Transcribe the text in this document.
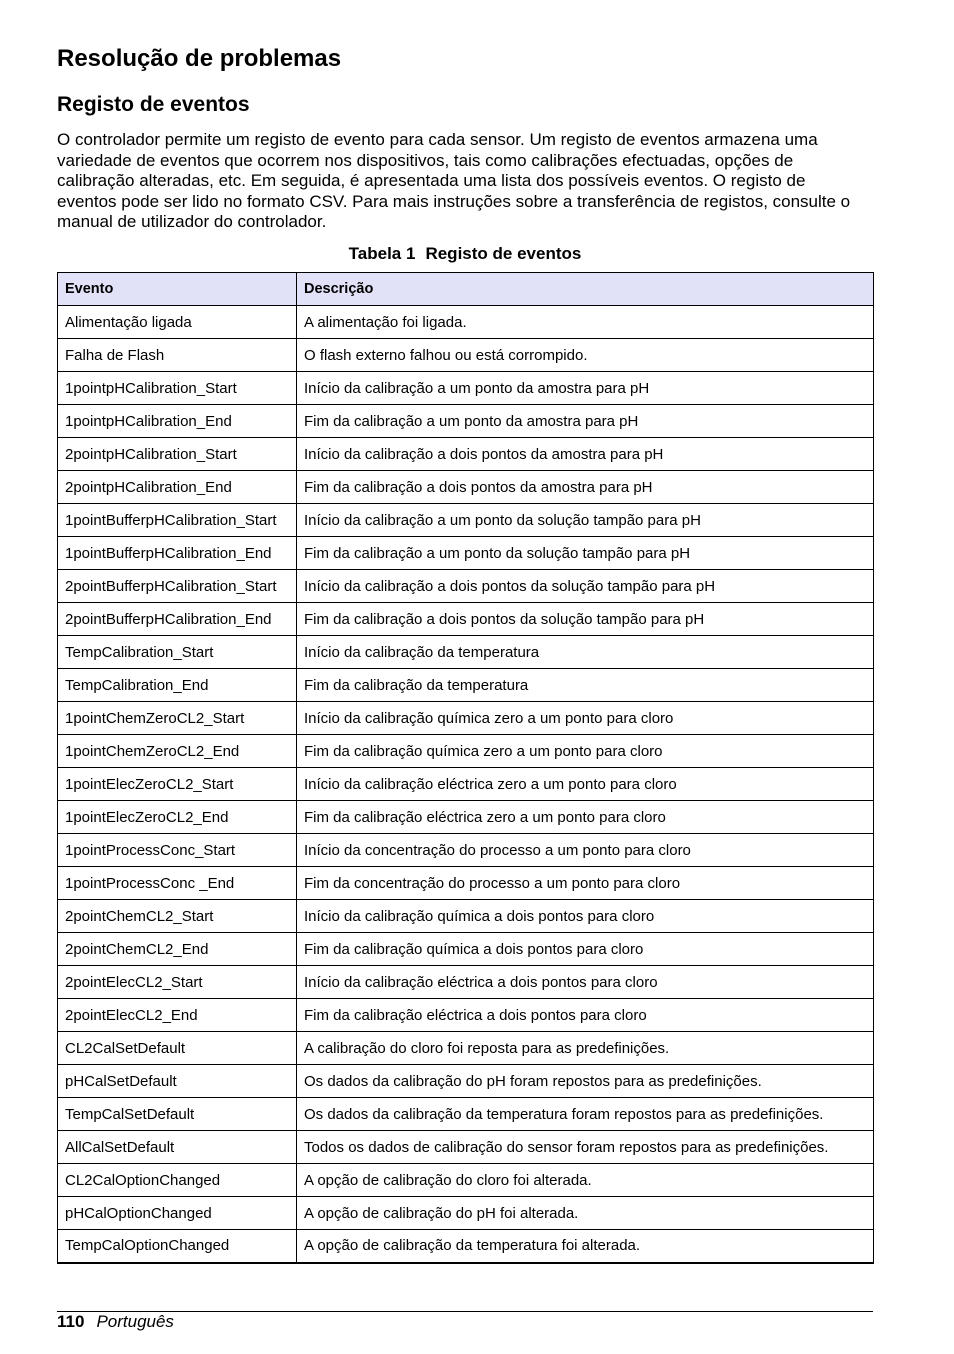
Resolução de problemas
Registo de eventos

O controlador permite um registo de evento para cada sensor. Um registo de eventos armazena uma variedade de eventos que ocorrem nos dispositivos, tais como calibrações efectuadas, opções de calibração alteradas, etc. Em seguida, é apresentada uma lista dos possíveis eventos. O registo de eventos pode ser lido no formato CSV. Para mais instruções sobre a transferência de registos, consulte o manual de utilizador do controlador.

Tabela 1 Registo de eventos

Evento	Descrição
Alimentação ligada	A alimentação foi ligada.
Falha de Flash	O flash externo falhou ou está corrompido.
1pointpHCalibration_Start	Início da calibração a um ponto da amostra para pH
1pointpHCalibration_End	Fim da calibração a um ponto da amostra para pH
2pointpHCalibration_Start	Início da calibração a dois pontos da amostra para pH
2pointpHCalibration_End	Fim da calibração a dois pontos da amostra para pH
1pointBufferpHCalibration_Start	Início da calibração a um ponto da solução tampão para pH
1pointBufferpHCalibration_End	Fim da calibração a um ponto da solução tampão para pH
2pointBufferpHCalibration_Start	Início da calibração a dois pontos da solução tampão para pH
2pointBufferpHCalibration_End	Fim da calibração a dois pontos da solução tampão para pH
TempCalibration_Start	Início da calibração da temperatura
TempCalibration_End	Fim da calibração da temperatura
1pointChemZeroCL2_Start	Início da calibração química zero a um ponto para cloro
1pointChemZeroCL2_End	Fim da calibração química zero a um ponto para cloro
1pointElecZeroCL2_Start	Início da calibração eléctrica zero a um ponto para cloro
1pointElecZeroCL2_End	Fim da calibração eléctrica zero a um ponto para cloro
1pointProcessConc_Start	Início da concentração do processo a um ponto para cloro
1pointProcessConc _End	Fim da concentração do processo a um ponto para cloro
2pointChemCL2_Start	Início da calibração química a dois pontos para cloro
2pointChemCL2_End	Fim da calibração química a dois pontos para cloro
2pointElecCL2_Start	Início da calibração eléctrica a dois pontos para cloro
2pointElecCL2_End	Fim da calibração eléctrica a dois pontos para cloro
CL2CalSetDefault	A calibração do cloro foi reposta para as predefinições.
pHCalSetDefault	Os dados da calibração do pH foram repostos para as predefinições.
TempCalSetDefault	Os dados da calibração da temperatura foram repostos para as predefinições.
AllCalSetDefault	Todos os dados de calibração do sensor foram repostos para as predefinições.
CL2CalOptionChanged	A opção de calibração do cloro foi alterada.
pHCalOptionChanged	A opção de calibração do pH foi alterada.
TempCalOptionChanged	A opção de calibração da temperatura foi alterada.
110 Português
